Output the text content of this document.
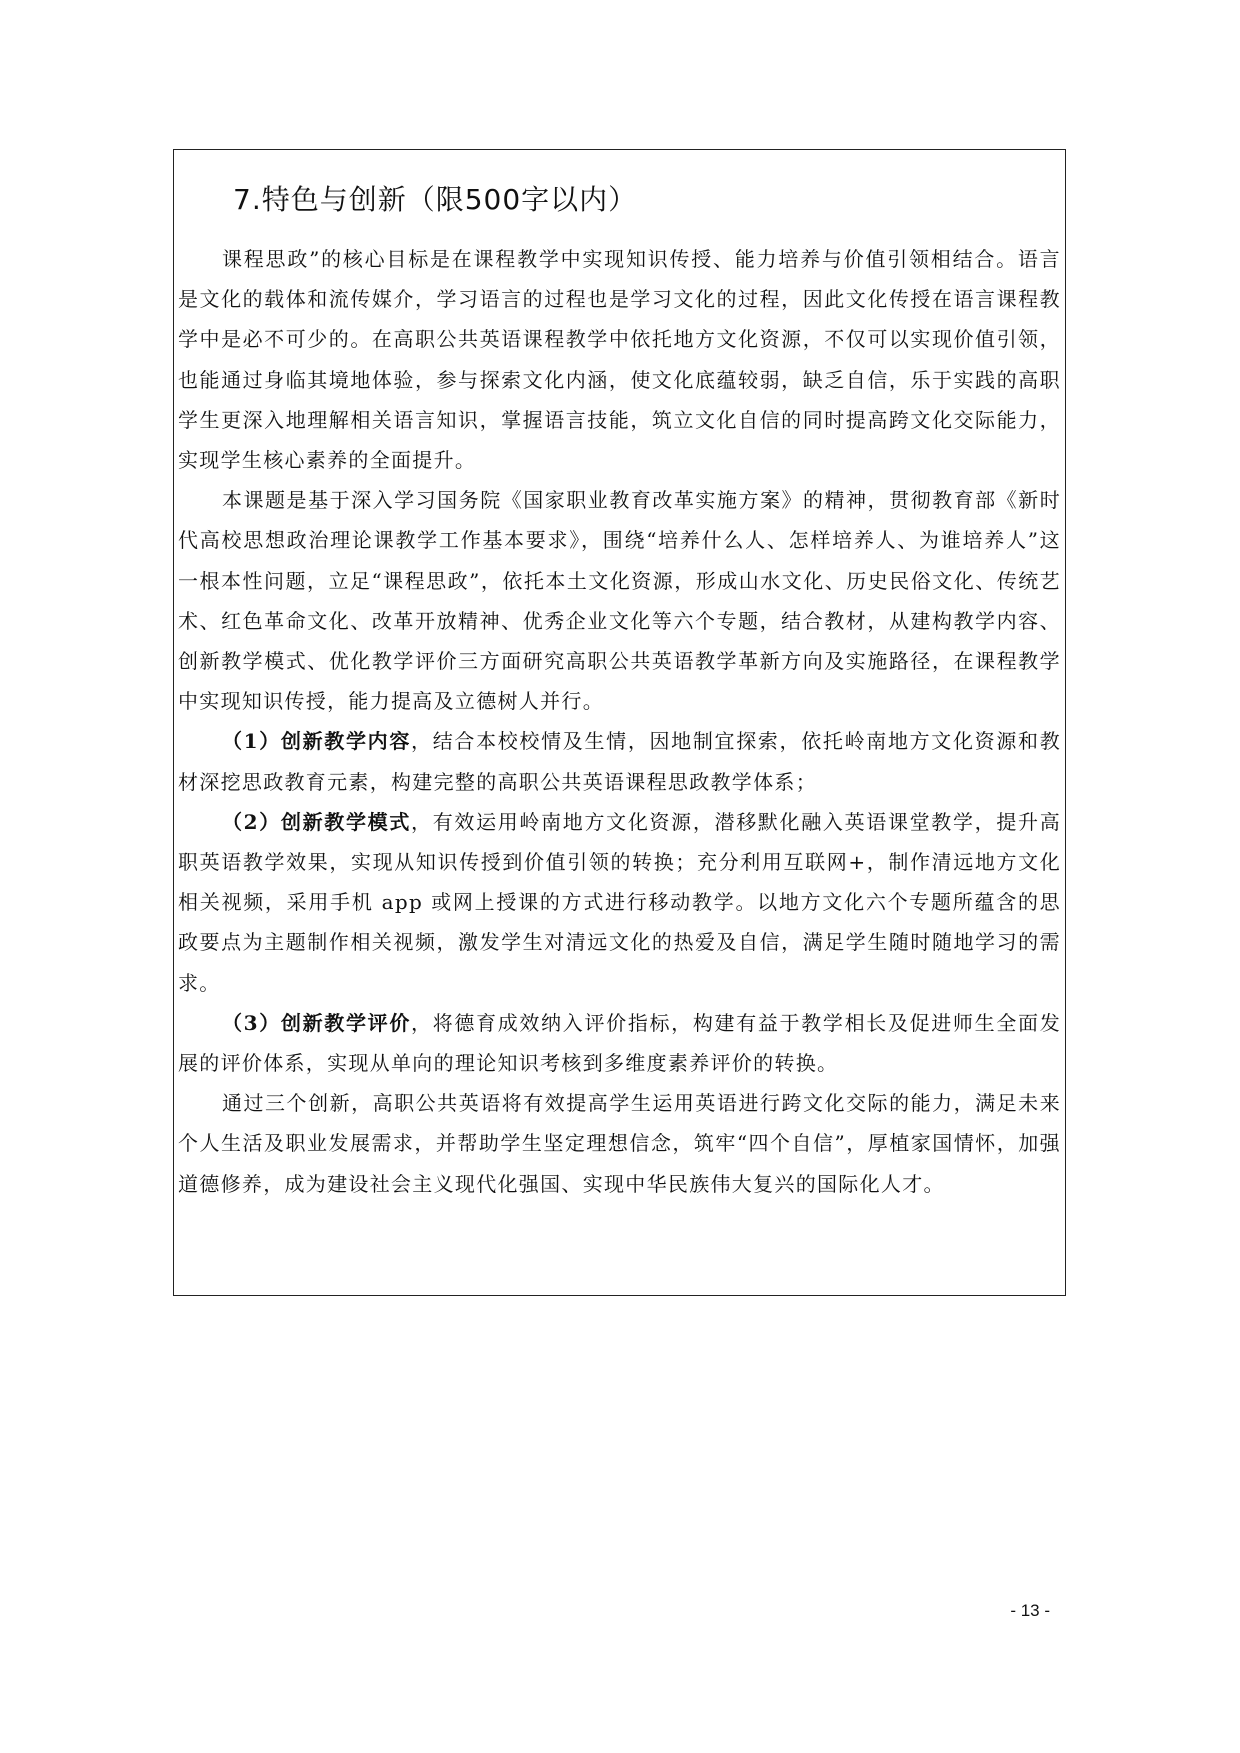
7.特色与创新（限500字以内）

课程思政”的核心目标是在课程教学中实现知识传授、能力培养与价值引领相结合。语言是文化的载体和流传媒介，学习语言的过程也是学习文化的过程，因此文化传授在语言课程教学中是必不可少的。在高职公共英语课程教学中依托地方文化资源，不仅可以实现价值引领，也能通过身临其境地体验，参与探索文化内涵，使文化底蕴较弱，缺乏自信，乐于实践的高职学生更深入地理解相关语言知识，掌握语言技能，筑立文化自信的同时提高跨文化交际能力，实现学生核心素养的全面提升。

本课题是基于深入学习国务院《国家职业教育改革实施方案》的精神，贯彻教育部《新时代高校思想政治理论课教学工作基本要求》，围绕“培养什么人、怎样培养人、为谁培养人”这一根本性问题，立足“课程思政”，依托本土文化资源，形成山水文化、历史民俗文化、传统艺术、红色革命文化、改革开放精神、优秀企业文化等六个专题，结合教材，从建构教学内容、创新教学模式、优化教学评价三方面研究高职公共英语教学革新方向及实施路径，在课程教学中实现知识传授，能力提高及立德树人并行。

（1）创新教学内容，结合本校校情及生情，因地制宜探索，依托岭南地方文化资源和教材深挖思政教育元素，构建完整的高职公共英语课程思政教学体系；

（2）创新教学模式，有效运用岭南地方文化资源，潜移默化融入英语课堂教学，提升高职英语教学效果，实现从知识传授到价值引领的转换；充分利用互联网+，制作清远地方文化相关视频，采用手机 app 或网上授课的方式进行移动教学。以地方文化六个专题所蕴含的思政要点为主题制作相关视频，激发学生对清远文化的热爱及自信，满足学生随时随地学习的需求。

（3）创新教学评价，将德育成效纳入评价指标，构建有益于教学相长及促进师生全面发展的评价体系，实现从单向的理论知识考核到多维度素养评价的转换。

通过三个创新，高职公共英语将有效提高学生运用英语进行跨文化交际的能力，满足未来个人生活及职业发展需求，并帮助学生坚定理想信念，筑牢“四个自信”，厚植家国情怀，加强道德修养，成为建设社会主义现代化强国、实现中华民族伟大复兴的国际化人才。

- 13 -
